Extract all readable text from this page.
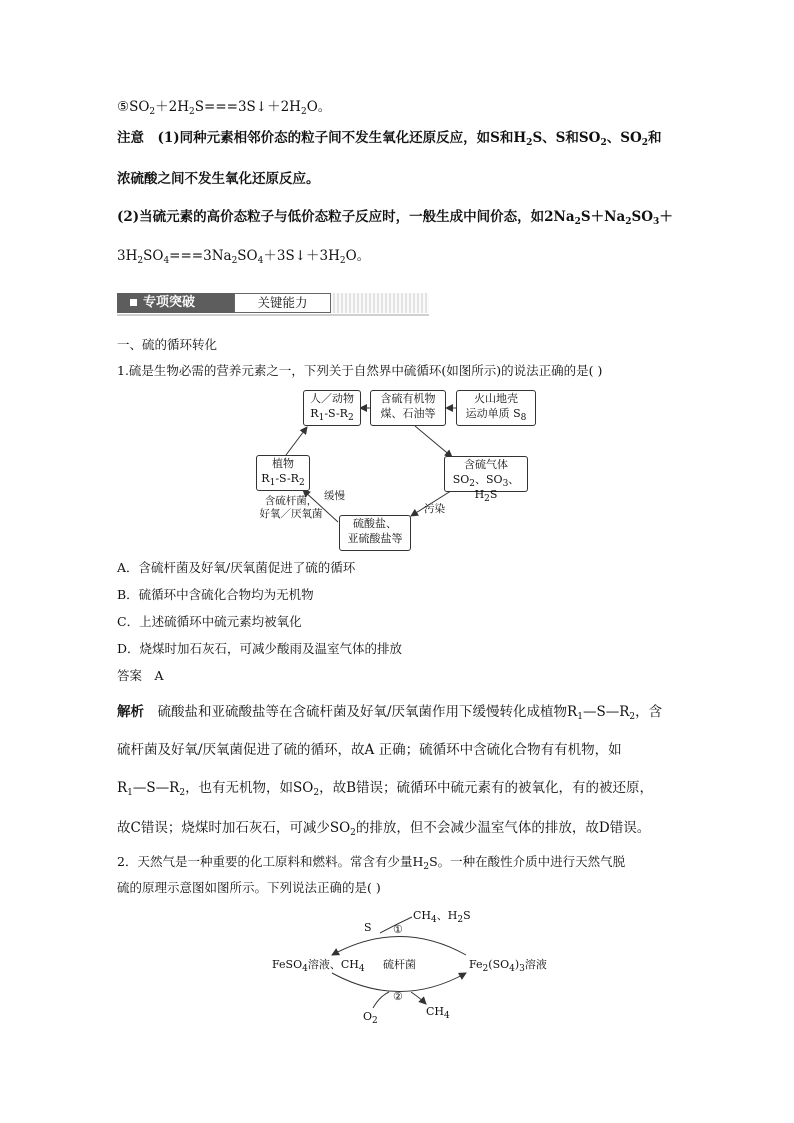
$⑤SO_2+2H_2S===3S↓+2H_2O$。
注意　 (1)同种元素相邻价态的粒子间不发生氧化还原反应，如S和$H_2S$、S和$SO_2$、$SO_2$和
浓硫酸之间不发生氧化还原反应。
(2)当硫元素的高价态粒子与低价态粒子反应时，一般生成中间价态，如$2Na_2S+Na_2SO_3+$
$3H_2SO_4===3Na_2SO_4+3S↓+3H_2O$。
专项突破	关键能力
一、硫的循环转化
1.硫是生物必需的营养元素之一，下列关于自然界中硫循环(如图所示)的说法正确的是( )
人／动物
$R_1-S-R_2$
含硫有机物
煤、石油等
火山地壳
运动单质 $S_8$
植物
$R_1-S-R_2$
含硫气体
$SO_2$、$SO_3$、$H_2S$
硫酸盐、
亚硫酸盐等
含硫杆菌，
好氧／厌氧菌
缓慢
污染
A．含硫杆菌及好氧/厌氧菌促进了硫的循环
B．硫循环中含硫化合物均为无机物
C．上述硫循环中硫元素均被氧化
D．烧煤时加石灰石，可减少酸雨及温室气体的排放
答案　 A
解析　 硫酸盐和亚硫酸盐等在含硫杆菌及好氧/厌氧菌作用下缓慢转化成植物$R_1—S—R_2$，含
硫杆菌及好氧/厌氧菌促进了硫的循环，故A 正确；硫循环中含硫化合物有有机物，如
$R_1—S—R_2$，也有无机物，如$SO_2$，故B错误；硫循环中硫元素有的被氧化，有的被还原，
故C错误；烧煤时加石灰石，可减少$SO_2$的排放，但不会减少温室气体的排放，故D错误。
2．天然气是一种重要的化工原料和燃料。常含有少量$H_2S$。一种在酸性介质中进行天然气脱
硫的原理示意图如图所示。下列说法正确的是( )
S ①
$CH_4$、$H_2S$
FeSO$_4$溶液、$CH_4$ 硫杆菌	$Fe_2(SO_4)_3$溶液
②
$O_2$
$CH_4$
